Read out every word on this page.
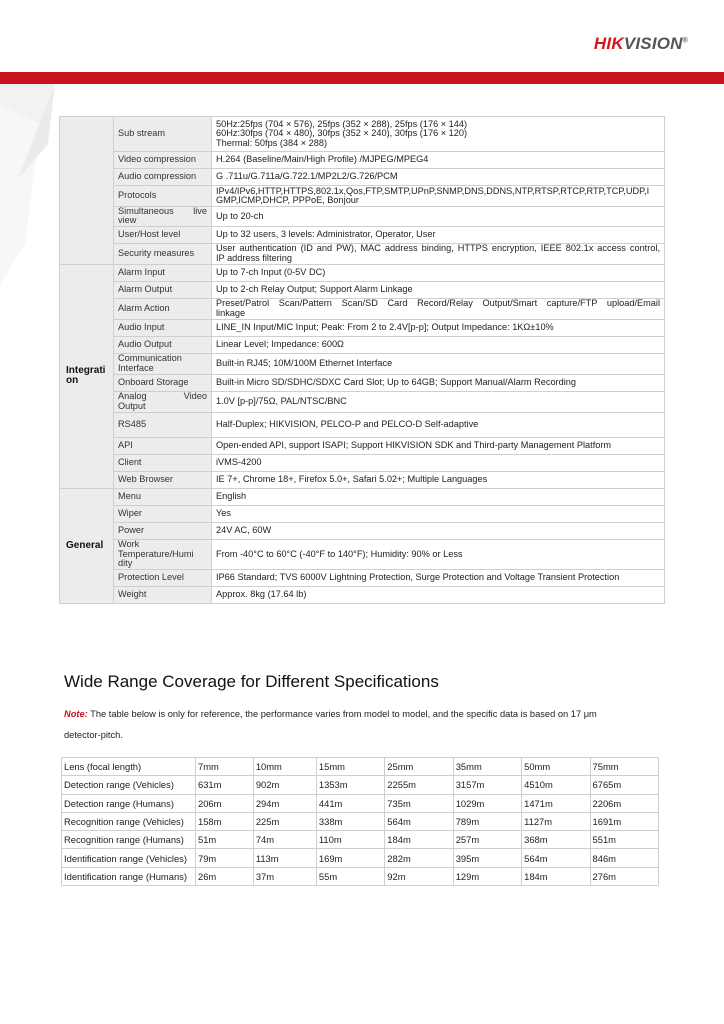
HIKVISION®
	Sub stream	50Hz:25fps (704 × 576), 25fps (352 × 288), 25fps (176 × 144)
60Hz:30fps (704 × 480), 30fps (352 × 240), 30fps (176 × 120)
Thermal: 50fps (384 × 288)

	Video compression	H.264 (Baseline/Main/High Profile) /MJPEG/MPEG4

	Audio compression	G .711u/G.711a/G.722.1/MP2L2/G.726/PCM

	Protocols	IPv4/IPv6,HTTP,HTTPS,802.1x,Qos,FTP,SMTP,UPnP,SNMP,DNS,DDNS,NTP,RTSP,RTCP,RTP,TCP,UDP,I
GMP,ICMP,DHCP, PPPoE, Bonjour

	Simultaneous live
view	Up to 20-ch

	User/Host level	Up to 32 users, 3 levels: Administrator, Operator, User

	Security measures	User authentication (ID and PW), MAC address binding, HTTPS encryption, IEEE 802.1x access control,
IP address filtering

Integrati
on	Alarm Input	Up to 7-ch Input (0-5V DC)

	Alarm Output	Up to 2-ch Relay Output; Support Alarm Linkage

	Alarm Action	Preset/Patrol Scan/Pattern Scan/SD Card Record/Relay Output/Smart capture/FTP upload/Email
linkage

	Audio Input	LINE_IN Input/MIC Input; Peak: From 2 to 2.4V[p-p]; Output Impedance: 1KΩ±10%

	Audio Output	Linear Level; Impedance: 600Ω

	Communication
Interface	Built-in RJ45; 10M/100M Ethernet Interface

	Onboard Storage	Built-in Micro SD/SDHC/SDXC Card Slot; Up to 64GB; Support Manual/Alarm Recording

	Analog Video
Output	1.0V [p-p]/75Ω, PAL/NTSC/BNC

	RS485	Half-Duplex; HIKVISION, PELCO-P and PELCO-D Self-adaptive

	API	Open-ended API, support ISAPI; Support HIKVISION SDK and Third-party Management Platform

	Client	iVMS-4200

	Web Browser	IE 7+, Chrome 18+, Firefox 5.0+, Safari 5.02+; Multiple Languages

General	Menu	English

	Wiper	Yes

	Power	24V AC, 60W

	Work
Temperature/Humi
dity	From -40°C to 60°C (-40°F to 140°F); Humidity: 90% or Less

	Protection Level	IP66 Standard; TVS 6000V Lightning Protection, Surge Protection and Voltage Transient Protection

	Weight	Approx. 8kg (17.64 lb)
Wide Range Coverage for Different Specifications
Note: The table below is only for reference, the performance varies from model to model, and the specific data is based on 17 μm detector-pitch.
Lens (focal length)	7mm	10mm	15mm	25mm	35mm	50mm	75mm
Detection range (Vehicles)	631m	902m	1353m	2255m	3157m	4510m	6765m
Detection range (Humans)	206m	294m	441m	735m	1029m	1471m	2206m
Recognition range (Vehicles)	158m	225m	338m	564m	789m	1127m	1691m
Recognition range (Humans)	51m	74m	110m	184m	257m	368m	551m
Identification range (Vehicles)	79m	113m	169m	282m	395m	564m	846m
Identification range (Humans)	26m	37m	55m	92m	129m	184m	276m
